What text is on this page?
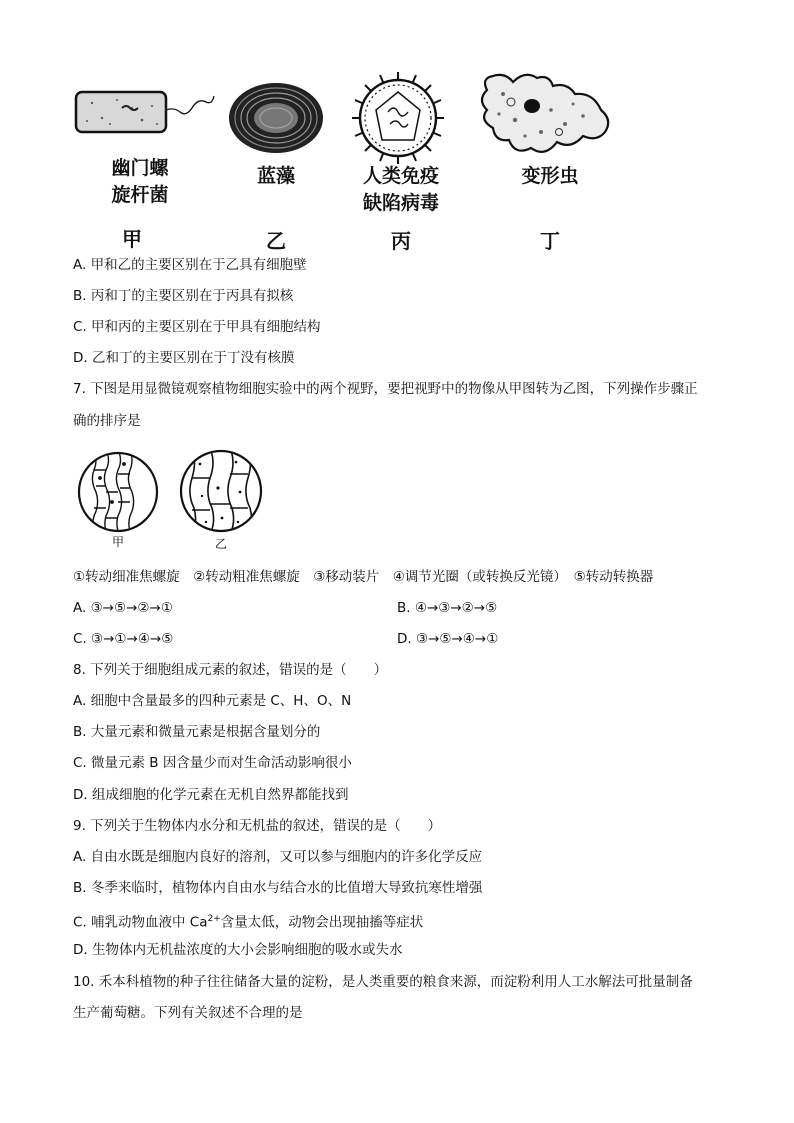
幽门螺
旋杆菌
蓝藻	人类免疫
缺陷病毒
变形虫
甲	乙	丙	丁
A. 甲和乙的主要区别在于乙具有细胞壁
B. 丙和丁的主要区别在于丙具有拟核
C. 甲和丙的主要区别在于甲具有细胞结构
D. 乙和丁的主要区别在于丁没有核膜
7. 下图是用显微镜观察植物细胞实验中的两个视野，要把视野中的物像从甲图转为乙图，下列操作步骤正
确的排序是
甲	乙
①转动细准焦螺旋　②转动粗准焦螺旋　③移动装片　④调节光圈（或转换反光镜）　⑤转动转换器
A. ③→⑤→②→①	B. ④→③→②→⑤
C. ③→①→④→⑤	D. ③→⑤→④→①
8. 下列关于细胞组成元素的叙述，错误的是（　　）
A. 细胞中含量最多的四种元素是 C、H、O、N
B. 大量元素和微量元素是根据含量划分的
C. 微量元素 B 因含量少而对生命活动影响很小
D. 组成细胞的化学元素在无机自然界都能找到
9. 下列关于生物体内水分和无机盐的叙述，错误的是（　　）
A. 自由水既是细胞内良好的溶剂，又可以参与细胞内的许多化学反应
B. 冬季来临时，植物体内自由水与结合水的比值增大导致抗寒性增强
C. 哺乳动物血液中 $Ca^{2+}$含量太低，动物会出现抽搐等症状
D. 生物体内无机盐浓度的大小会影响细胞的吸水或失水
10. 禾本科植物的种子往往储备大量的淀粉，是人类重要的粮食来源，而淀粉利用人工水解法可批量制备
生产葡萄糖。下列有关叙述不合理的是
